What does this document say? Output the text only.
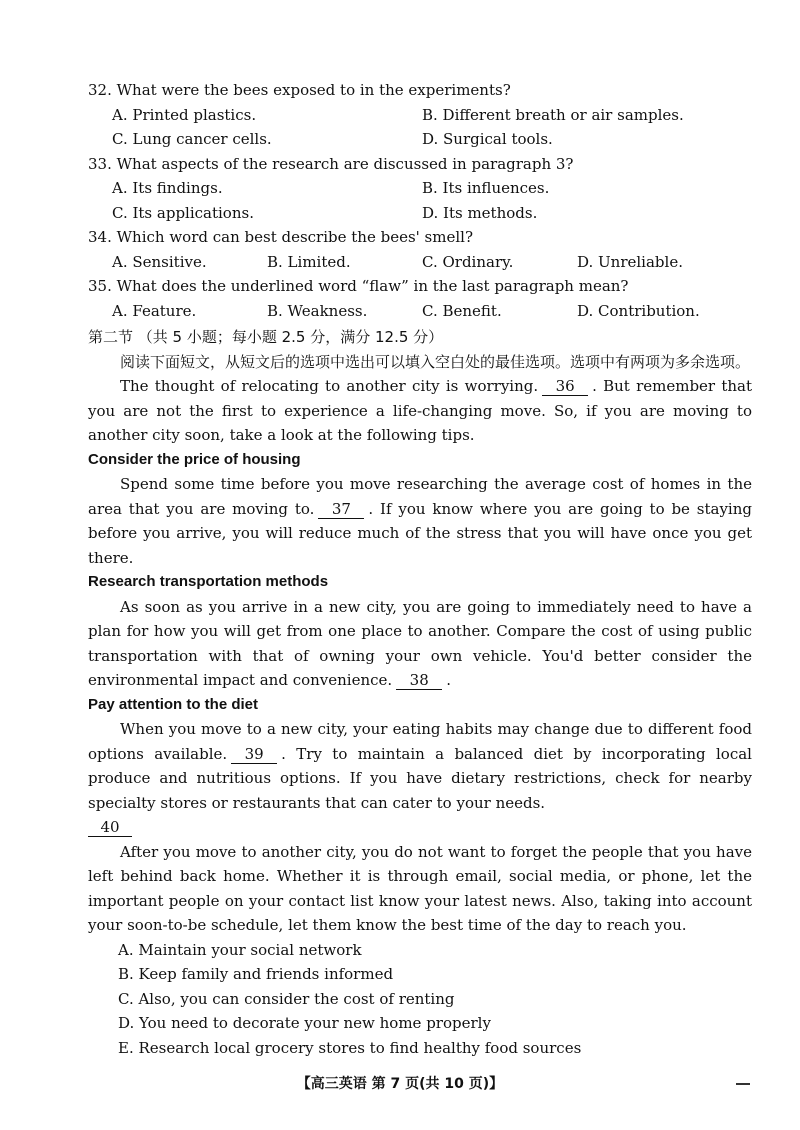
32. What were the bees exposed to in the experiments?

A. Printed plastics.	B. Different breath or air samples.
C. Lung cancer cells.	D. Surgical tools.

33. What aspects of the research are discussed in paragraph 3?

A. Its findings.	B. Its influences.
C. Its applications.	D. Its methods.

34. Which word can best describe the bees' smell?

A. Sensitive.	B. Limited.	C. Ordinary.	D. Unreliable.

35. What does the underlined word “flaw” in the last paragraph mean?

A. Feature.	B. Weakness.	C. Benefit.	D. Contribution.

第二节 （共 5 小题；每小题 2.5 分，满分 12.5 分）

阅读下面短文，从短文后的选项中选出可以填入空白处的最佳选项。选项中有两项为多余选项。

The thought of relocating to another city is worrying. 36 . But remember that you are not the first to experience a life-changing move. So, if you are moving to another city soon, take a look at the following tips.

Consider the price of housing

Spend some time before you move researching the average cost of homes in the area that you are moving to. 37 . If you know where you are going to be staying before you arrive, you will reduce much of the stress that you will have once you get there.

Research transportation methods

As soon as you arrive in a new city, you are going to immediately need to have a plan for how you will get from one place to another. Compare the cost of using public transportation with that of owning your own vehicle. You'd better consider the environmental impact and convenience. 38 .

Pay attention to the diet

When you move to a new city, your eating habits may change due to different food options available. 39 . Try to maintain a balanced diet by incorporating local produce and nutritious options. If you have dietary restrictions, check for nearby specialty stores or restaurants that can cater to your needs.

40

After you move to another city, you do not want to forget the people that you have left behind back home. Whether it is through email, social media, or phone, let the important people on your contact list know your latest news. Also, taking into account your soon-to-be schedule, let them know the best time of the day to reach you.

A. Maintain your social network

B. Keep family and friends informed

C. Also, you can consider the cost of renting

D. You need to decorate your new home properly

E. Research local grocery stores to find healthy food sources

【高三英语 第 7 页(共 10 页)】
